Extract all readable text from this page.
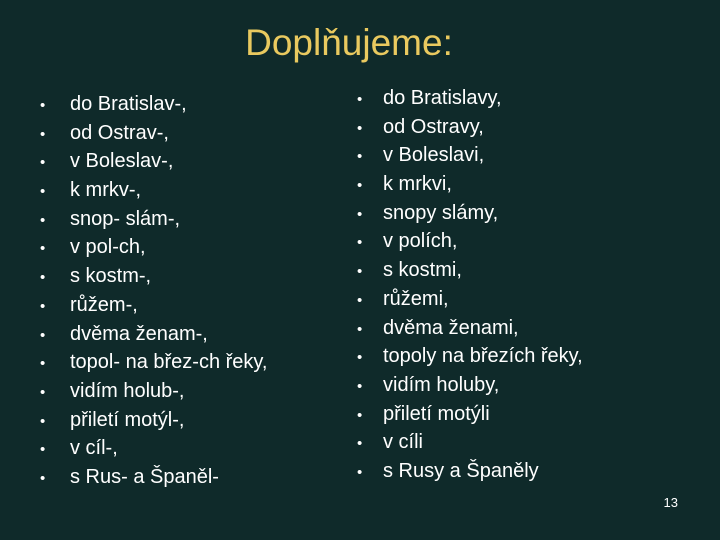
Doplňujeme:
• do Bratislav-,
• od Ostrav-,
• v Boleslav-,
• k mrkv-,
• snop- slám-,
• v pol-ch,
• s kostm-,
• růžem-,
• dvěma ženam-,
• topol- na břez-ch řeky,
• vidím holub-,
• přiletí motýl-,
• v cíl-,
• s Rus- a Španěl-
• do Bratislavy,
• od Ostravy,
• v Boleslavi,
• k mrkvi,
• snopy slámy,
• v polích,
• s kostmi,
• růžemi,
• dvěma ženami,
• topoly na březích řeky,
• vidím holuby,
• přiletí motýli
• v cíli
• s Rusy a Španěly
13
